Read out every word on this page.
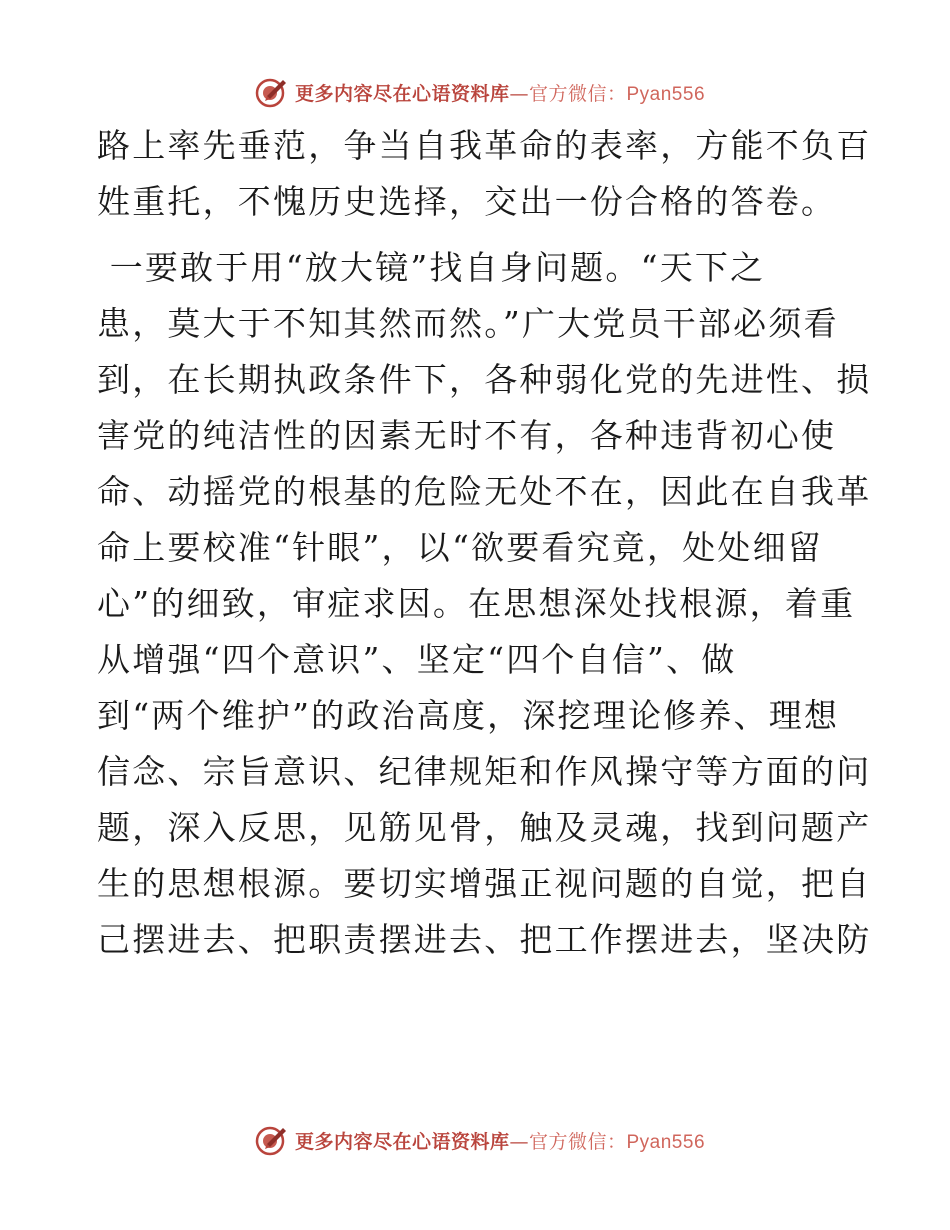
更多内容尽在心语资料库—官方微信：Pyan556
路上率先垂范，争当自我革命的表率，方能不负百
姓重托，不愧历史选择，交出一份合格的答卷。
一要敢于用“放大镜”找自身问题。“天下之
患，莫大于不知其然而然。”广大党员干部必须看
到，在长期执政条件下，各种弱化党的先进性、损
害党的纯洁性的因素无时不有，各种违背初心使
命、动摇党的根基的危险无处不在，因此在自我革
命上要校准“针眼”，以“欲要看究竟，处处细留
心”的细致，审症求因。在思想深处找根源，着重
从增强“四个意识”、坚定“四个自信”、做
到“两个维护”的政治高度，深挖理论修养、理想
信念、宗旨意识、纪律规矩和作风操守等方面的问
题，深入反思，见筋见骨，触及灵魂，找到问题产
生的思想根源。要切实增强正视问题的自觉，把自
己摆进去、把职责摆进去、把工作摆进去，坚决防
更多内容尽在心语资料库—官方微信：Pyan556
